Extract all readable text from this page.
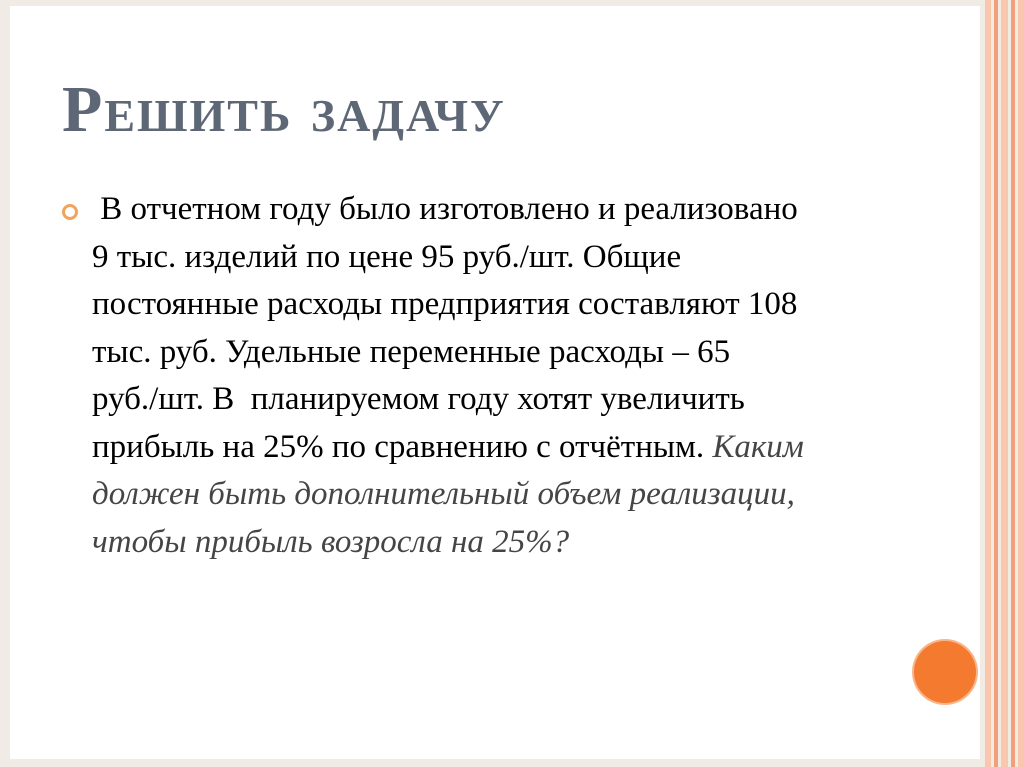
Решить задачу

В отчетном году было изготовлено и реализовано
9 тыс. изделий по цене 95 руб./шт. Общие
постоянные расходы предприятия составляют 108
тыс. руб. Удельные переменные расходы – 65
руб./шт. В  планируемом году хотят увеличить
прибыль на 25% по сравнению с отчётным. Каким
должен быть дополнительный объем реализации,
чтобы прибыль возросла на 25%?
